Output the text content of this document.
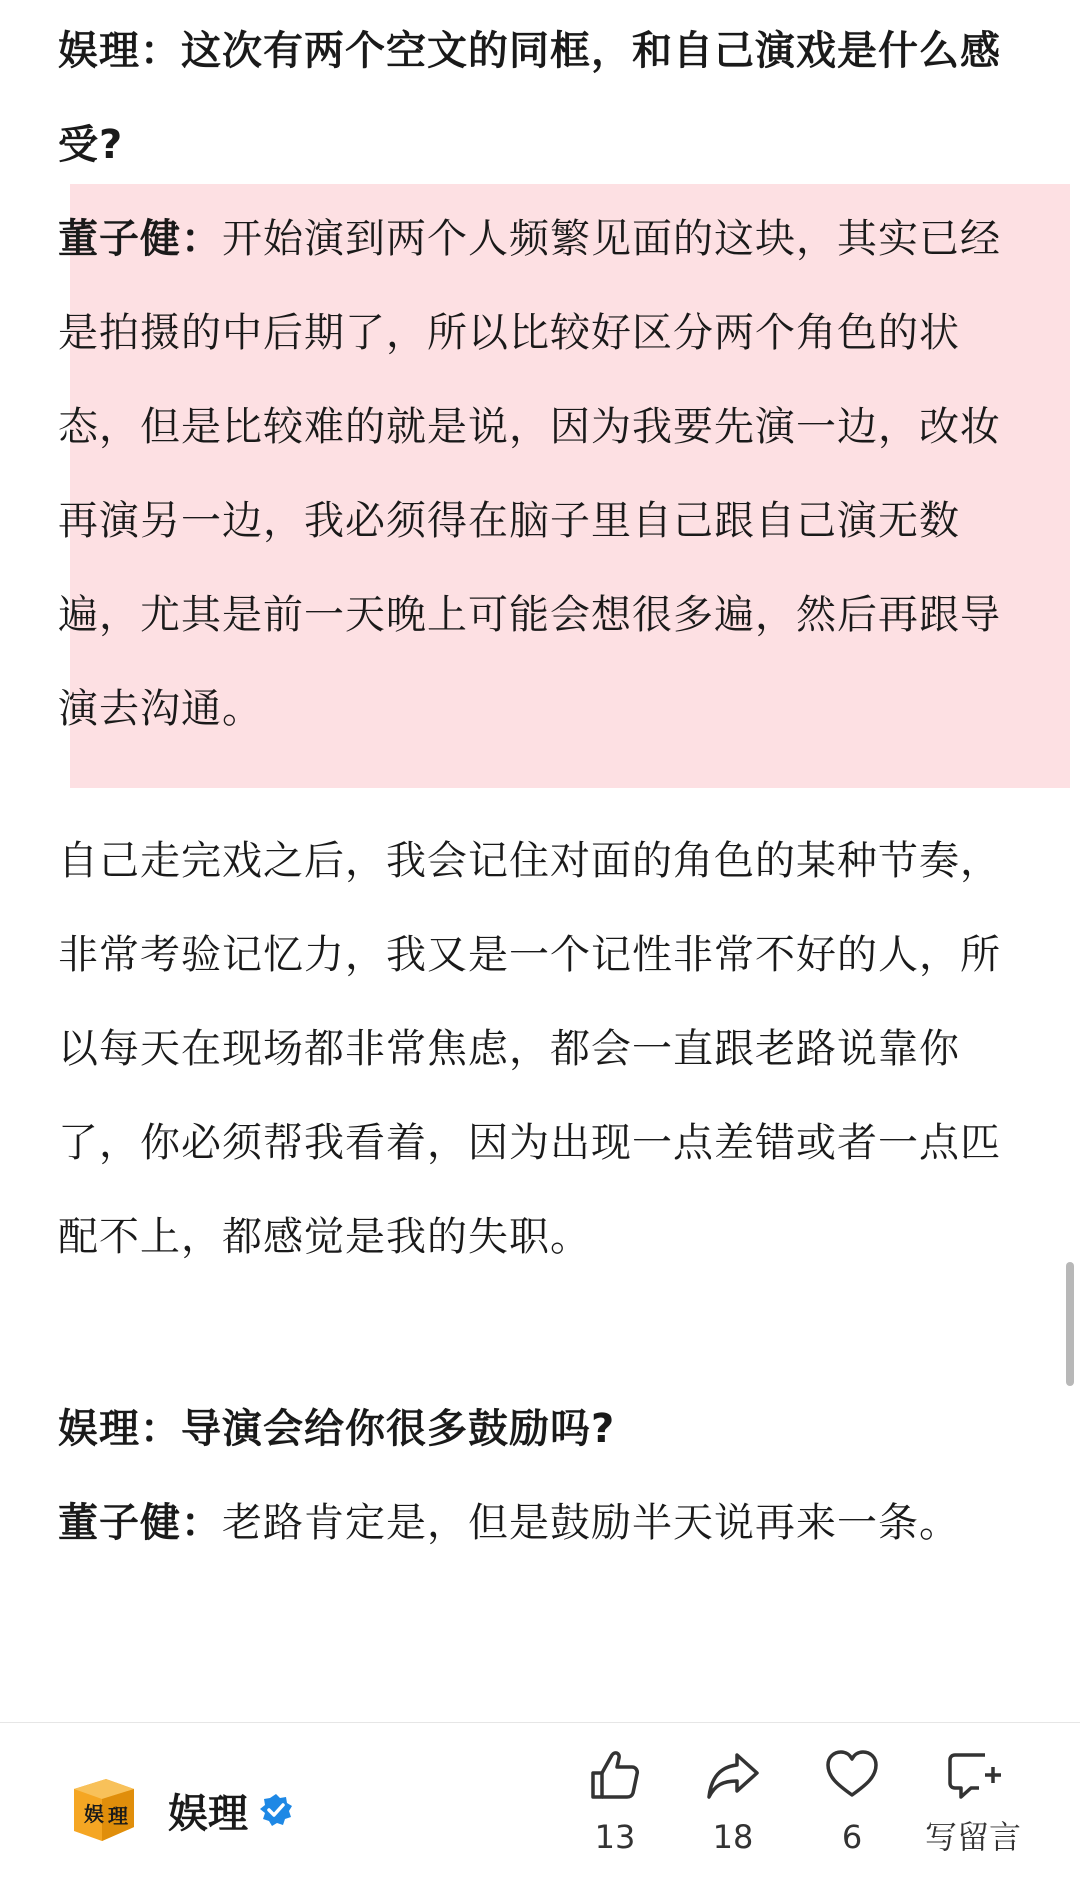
娱理：这次有两个空文的同框，和自己演戏是什么感受?

董子健：开始演到两个人频繁见面的这块，其实已经是拍摄的中后期了，所以比较好区分两个角色的状态，但是比较难的就是说，因为我要先演一边，改妆再演另一边，我必须得在脑子里自己跟自己演无数遍，尤其是前一天晚上可能会想很多遍，然后再跟导演去沟通。

自己走完戏之后，我会记住对面的角色的某种节奏，非常考验记忆力，我又是一个记性非常不好的人，所以每天在现场都非常焦虑，都会一直跟老路说靠你了，你必须帮我看着，因为出现一点差错或者一点匹配不上，都感觉是我的失职。

娱理：导演会给你很多鼓励吗?

董子健：老路肯定是，但是鼓励半天说再来一条。

娱 理 娱理
13	18	6	写留言
